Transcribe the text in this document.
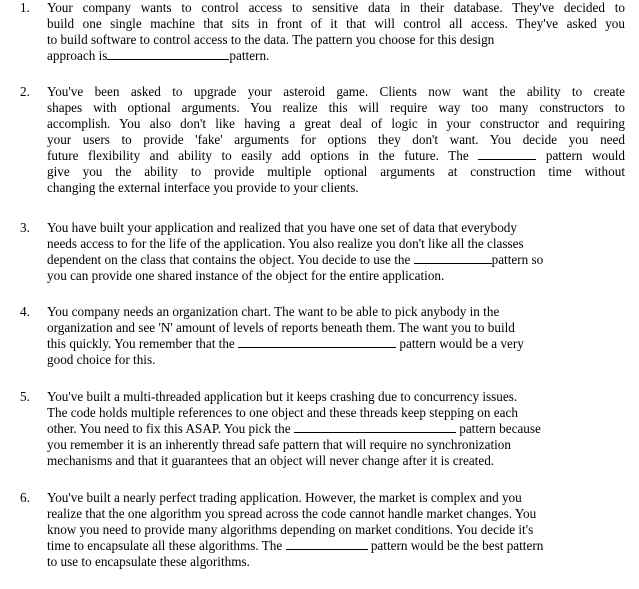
1.	Your company wants to control access to sensitive data in their database. They've decided to
build one single machine that sits in front of it that will control all access. They've asked you
to build software to control access to the data. The pattern you choose for this design
approach is	pattern.
2.	You've been asked to upgrade your asteroid game. Clients now want the ability to create
shapes with optional arguments. You realize this will require way too many constructors to
accomplish. You also don't like having a great deal of logic in your constructor and requiring
your users to provide 'fake' arguments for options they don't want. You decide you need
future flexibility and ability to easily add options in the future. The	pattern would
give you the ability to provide multiple optional arguments at construction time without
changing the external interface you provide to your clients.
3.	You have built your application and realized that you have one set of data that everybody
needs access to for the life of the application. You also realize you don't like all the classes
dependent on the class that contains the object. You decide to use the	pattern so
you can provide one shared instance of the object for the entire application.
4.	You company needs an organization chart. The want to be able to pick anybody in the
organization and see 'N' amount of levels of reports beneath them. The want you to build
this quickly. You remember that the	pattern would be a very
good choice for this.
5.	You've built a multi-threaded application but it keeps crashing due to concurrency issues.
The code holds multiple references to one object and these threads keep stepping on each
other. You need to fix this ASAP. You pick the	pattern because
you remember it is an inherently thread safe pattern that will require no synchronization
mechanisms and that it guarantees that an object will never change after it is created.
6.	You've built a nearly perfect trading application. However, the market is complex and you
realize that the one algorithm you spread across the code cannot handle market changes. You
know you need to provide many algorithms depending on market conditions. You decide it's
time to encapsulate all these algorithms. The	pattern would be the best pattern
to use to encapsulate these algorithms.
